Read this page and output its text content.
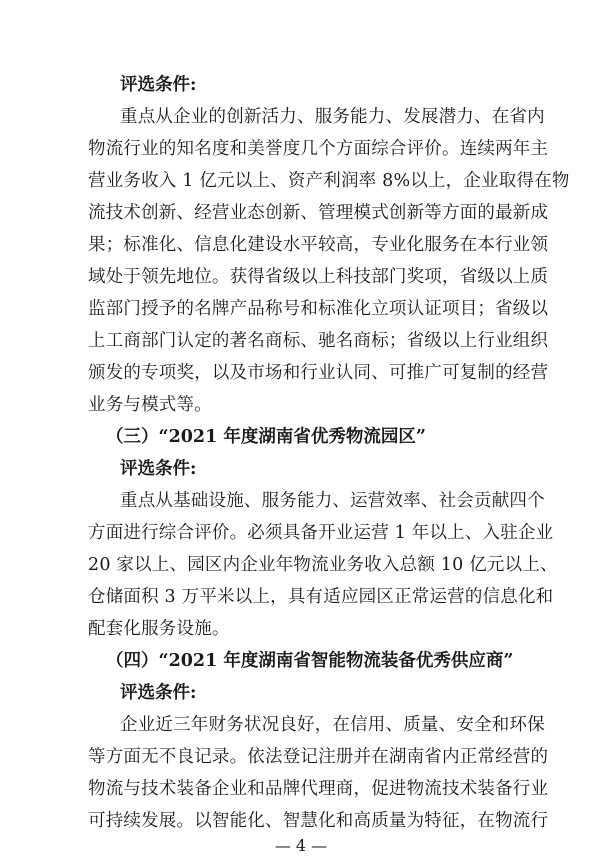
评选条件:
重点从企业的创新活力、服务能力、发展潜力、在省内
物流行业的知名度和美誉度几个方面综合评价。连续两年主
营业务收入 1 亿元以上、资产利润率 8%以上，企业取得在物
流技术创新、经营业态创新、管理模式创新等方面的最新成
果；标准化、信息化建设水平较高，专业化服务在本行业领
域处于领先地位。获得省级以上科技部门奖项，省级以上质
监部门授予的名牌产品称号和标准化立项认证项目；省级以
上工商部门认定的著名商标、驰名商标；省级以上行业组织
颁发的专项奖，以及市场和行业认同、可推广可复制的经营
业务与模式等。
（三）“2021 年度湖南省优秀物流园区”
评选条件:
重点从基础设施、服务能力、运营效率、社会贡献四个
方面进行综合评价。必须具备开业运营 1 年以上、入驻企业
20 家以上、园区内企业年物流业务收入总额 10 亿元以上、
仓储面积 3 万平米以上，具有适应园区正常运营的信息化和
配套化服务设施。
（四）“2021 年度湖南省智能物流装备优秀供应商”
评选条件:
企业近三年财务状况良好，在信用、质量、安全和环保
等方面无不良记录。依法登记注册并在湖南省内正常经营的
物流与技术装备企业和品牌代理商，促进物流技术装备行业
可持续发展。以智能化、智慧化和高质量为特征，在物流行
— 4 —
